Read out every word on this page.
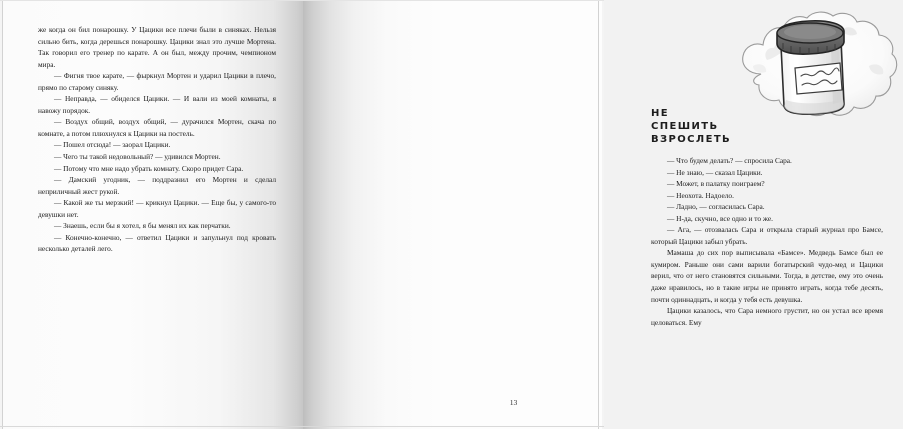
же когда он бил понарошку. У Цацики все плечи были в синяках. Нельзя сильно бить, когда дерешься понарошку. Цацики знал это лучше Мортена. Так говорил его тренер по карате. А он был, между прочим, чемпионом мира.

— Фигня твое карате, — фыркнул Мортен и ударил Цацики в плечо, прямо по старому синяку.

— Неправда, — обиделся Цацики. — И вали из моей комнаты, я навожу порядок.

— Воздух общий, воздух общий, — дурачился Мортен, скача по комнате, а потом плюхнулся к Цацики на постель.

— Пошел отсюда! — заорал Цацики.

— Чего ты такой недовольный? — удивился Мортен.

— Потому что мне надо убрать комнату. Скоро придет Сара.

— Дамский угодник, — поддразнил его Мортен и сделал неприличный жест рукой.

— Какой же ты мерзкий! — крикнул Цацики. — Еще бы, у самого-то девушки нет.

— Знаешь, если бы я хотел, я бы менял их как перчатки.

— Конечно-конечно, — ответил Цацики и запульнул под кровать несколько деталей лего.

НЕ СПЕШИТЬ
ВЗРОСЛЕТЬ

— Что будем делать? — спросила Сара.

— Не знаю, — сказал Цацики.

— Может, в палатку поиграем?

— Неохота. Надоело.

— Ладно, — согласилась Сара.

— Н-да, скучно, все одно и то же.

— Ага, — отозвалась Сара и открыла старый журнал про Бамсе, который Цацики забыл убрать.

Мамаша до сих пор выписывала «Бамсе». Медведь Бамсе был ее кумиром. Раньше они сами варили богатырский чудо-мед и Цацики верил, что от него становятся сильными. Тогда, в детстве, ему это очень даже нравилось, но в такие игры не принято играть, когда тебе десять, почти одиннадцать, и когда у тебя есть девушка.

Цацики казалось, что Сара немного грустит, но он устал все время целоваться. Ему

13
